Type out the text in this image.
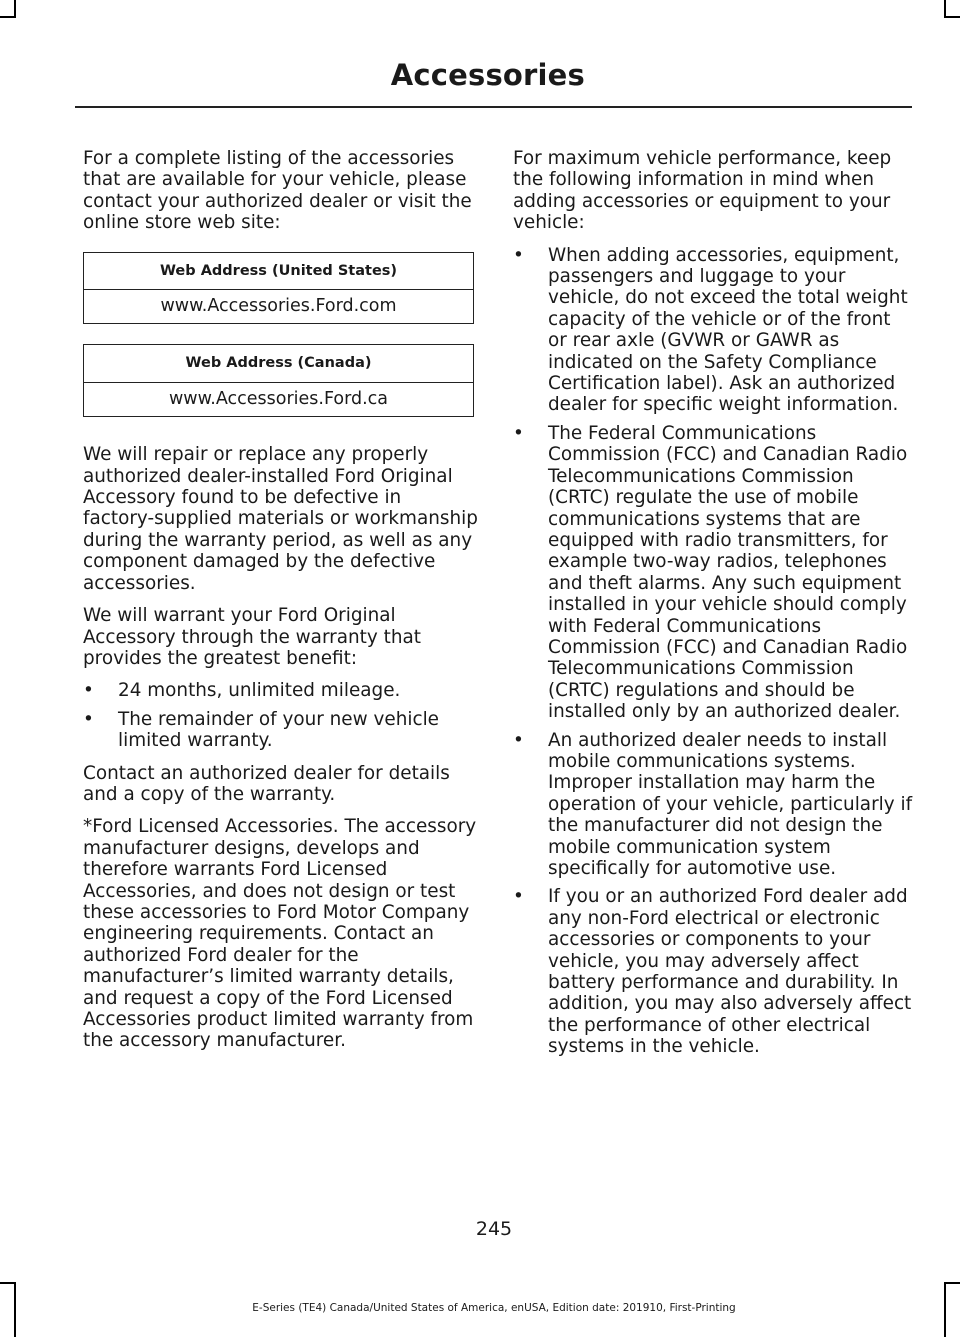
Accessories

For a complete listing of the accessories that are available for your vehicle, please contact your authorized dealer or visit the online store web site:

Web Address (United States)
www.Accessories.Ford.com
Web Address (Canada)
www.Accessories.Ford.ca

We will repair or replace any properly authorized dealer-installed Ford Original Accessory found to be defective in factory-supplied materials or workmanship during the warranty period, as well as any component damaged by the defective accessories.

We will warrant your Ford Original Accessory through the warranty that provides the greatest benefit:

• 24 months, unlimited mileage.
• The remainder of your new vehicle limited warranty.

Contact an authorized dealer for details and a copy of the warranty.

*Ford Licensed Accessories. The accessory manufacturer designs, develops and therefore warrants Ford Licensed Accessories, and does not design or test these accessories to Ford Motor Company engineering requirements. Contact an authorized Ford dealer for the manufacturer’s limited warranty details, and request a copy of the Ford Licensed Accessories product limited warranty from the accessory manufacturer.

For maximum vehicle performance, keep the following information in mind when adding accessories or equipment to your vehicle:

• When adding accessories, equipment, passengers and luggage to your vehicle, do not exceed the total weight capacity of the vehicle or of the front or rear axle (GVWR or GAWR as indicated on the Safety Compliance Certification label). Ask an authorized dealer for specific weight information.
• The Federal Communications Commission (FCC) and Canadian Radio Telecommunications Commission (CRTC) regulate the use of mobile communications systems that are equipped with radio transmitters, for example two-way radios, telephones and theft alarms. Any such equipment installed in your vehicle should comply with Federal Communications Commission (FCC) and Canadian Radio Telecommunications Commission (CRTC) regulations and should be installed only by an authorized dealer.
• An authorized dealer needs to install mobile communications systems. Improper installation may harm the operation of your vehicle, particularly if the manufacturer did not design the mobile communication system specifically for automotive use.
• If you or an authorized Ford dealer add any non-Ford electrical or electronic accessories or components to your vehicle, you may adversely affect battery performance and durability. In addition, you may also adversely affect the performance of other electrical systems in the vehicle.
245
E-Series (TE4) Canada/United States of America, enUSA, Edition date: 201910, First-Printing
